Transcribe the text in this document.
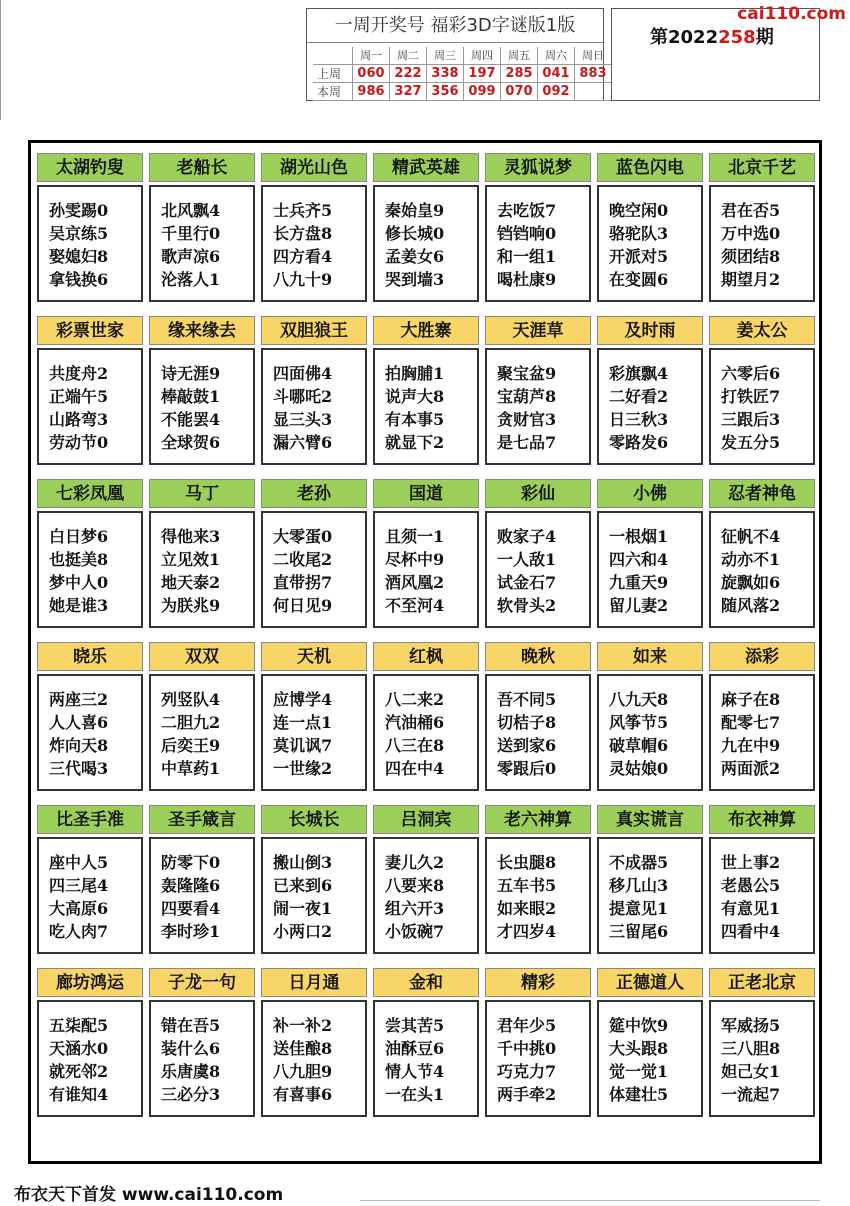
一周开奖号 福彩3D字谜版1版
周一	周二	周三	周四	周五	周六	周日
上周	060 222 338 197 285 041 883
本周	986 327 356 099 070 092
第2022258期
cai110.com
太湖钓叟
孙雯踢0
吴京练5
娶媳妇8
拿钱换6
老船长
北风飘4
千里行0
歌声凉6
沦落人1
湖光山色
士兵齐5
长方盘8
四方看4
八九十9
精武英雄
秦始皇9
修长城0
孟姜女6
哭到墙3
灵狐说梦
去吃饭7
铛铛响0
和一组1
喝杜康9
蓝色闪电
晚空闲0
骆驼队3
开派对5
在变圆6
北京千艺
君在否5
万中选0
须团结8
期望月2
彩票世家
共度舟2
正端午5
山路弯3
劳动节0
缘来缘去
诗无涯9
棒敲鼓1
不能罢4
全球贺6
双胆狼王
四面佛4
斗哪吒2
显三头3
漏六臂6
大胜寨
拍胸脯1
说声大8
有本事5
就显下2
天涯草
聚宝盆9
宝葫芦8
贪财官3
是七品7
及时雨
彩旗飘4
二好看2
日三秋3
零路发6
姜太公
六零后6
打铁匠7
三跟后3
发五分5
七彩凤凰
白日梦6
也挺美8
梦中人0
她是谁3
马丁
得他来3
立见效1
地天泰2
为朕兆9
老孙
大零蛋0
二收尾2
直带拐7
何日见9
国道
且须一1
尽杯中9
酒风凰2
不至河4
彩仙
败家子4
一人敌1
试金石7
软骨头2
小佛
一根烟1
四六和4
九重天9
留儿妻2
忍者神龟
征帆不4
动亦不1
旋飘如6
随风落2
晓乐
两座三2
人人喜6
炸向天8
三代喝3
双双
列竖队4
二胆九2
后奕王9
中草药1
天机
应博学4
连一点1
莫讥讽7
一世缘2
红枫
八二来2
汽油桶6
八三在8
四在中4
晚秋
吾不同5
切桔子8
送到家6
零跟后0
如来
八九天8
风筝节5
破草帽6
灵姑娘0
添彩
麻子在8
配零七7
九在中9
两面派2
比圣手准
座中人5
四三尾4
大高原6
吃人肉7
圣手箴言
防零下0
轰隆隆6
四要看4
李时珍1
长城长
搬山倒3
已来到6
闹一夜1
小两口2
吕洞宾
妻儿久2
八要来8
组六开3
小饭碗7
老六神算
长虫腿8
五车书5
如来眼2
才四岁4
真实谎言
不成器5
移几山3
提意见1
三留尾6
布衣神算
世上事2
老愚公5
有意见1
四看中4
廊坊鸿运
五柒配5
天涵水0
就死邻2
有谁知4
子龙一句
错在吾5
装什么6
乐唐虞8
三必分3
日月通
补一补2
送佳酿8
八九胆9
有喜事6
金和
尝其苦5
油酥豆6
情人节4
一在头1
精彩
君年少5
千中挑0
巧克力7
两手牵2
正德道人
筵中饮9
大头跟8
觉一觉1
体建壮5
正老北京
军威扬5
三八胆8
妲己女1
一流起7
布衣天下首发 www.cai110.com
